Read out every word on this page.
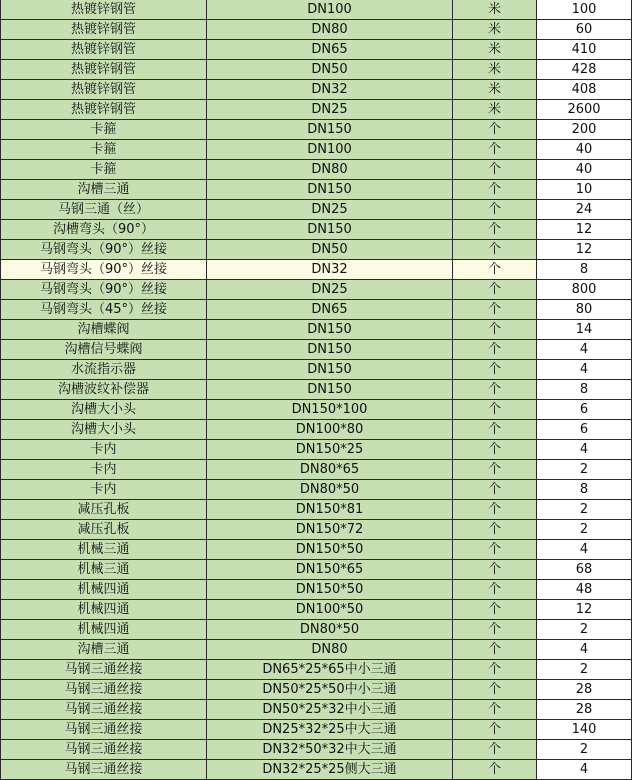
热镀锌钢管	DN100	米	100
热镀锌钢管	DN80	米	60
热镀锌钢管	DN65	米	410
热镀锌钢管	DN50	米	428
热镀锌钢管	DN32	米	408
热镀锌钢管	DN25	米	2600
卡箍	DN150	个	200
卡箍	DN100	个	40
卡箍	DN80	个	40
沟槽三通	DN150	个	10
马钢三通（丝）	DN25	个	24
沟槽弯头（90°）	DN150	个	12
马钢弯头（90°）丝接	DN50	个	12
马钢弯头（90°）丝接	DN32	个	8
马钢弯头（90°）丝接	DN25	个	800
马钢弯头（45°）丝接	DN65	个	80
沟槽蝶阀	DN150	个	14
沟槽信号蝶阀	DN150	个	4
水流指示器	DN150	个	4
沟槽波纹补偿器	DN150	个	8
沟槽大小头	DN150*100	个	6
沟槽大小头	DN100*80	个	6
卡内	DN150*25	个	4
卡内	DN80*65	个	2
卡内	DN80*50	个	8
减压孔板	DN150*81	个	2
减压孔板	DN150*72	个	2
机械三通	DN150*50	个	4
机械三通	DN150*65	个	68
机械四通	DN150*50	个	48
机械四通	DN100*50	个	12
机械四通	DN80*50	个	2
沟槽三通	DN80	个	4
马钢三通丝接	DN65*25*65中小三通	个	2
马钢三通丝接	DN50*25*50中小三通	个	28
马钢三通丝接	DN50*25*32中小三通	个	28
马钢三通丝接	DN25*32*25中大三通	个	140
马钢三通丝接	DN32*50*32中大三通	个	2
马钢三通丝接	DN32*25*25侧大三通	个	4
